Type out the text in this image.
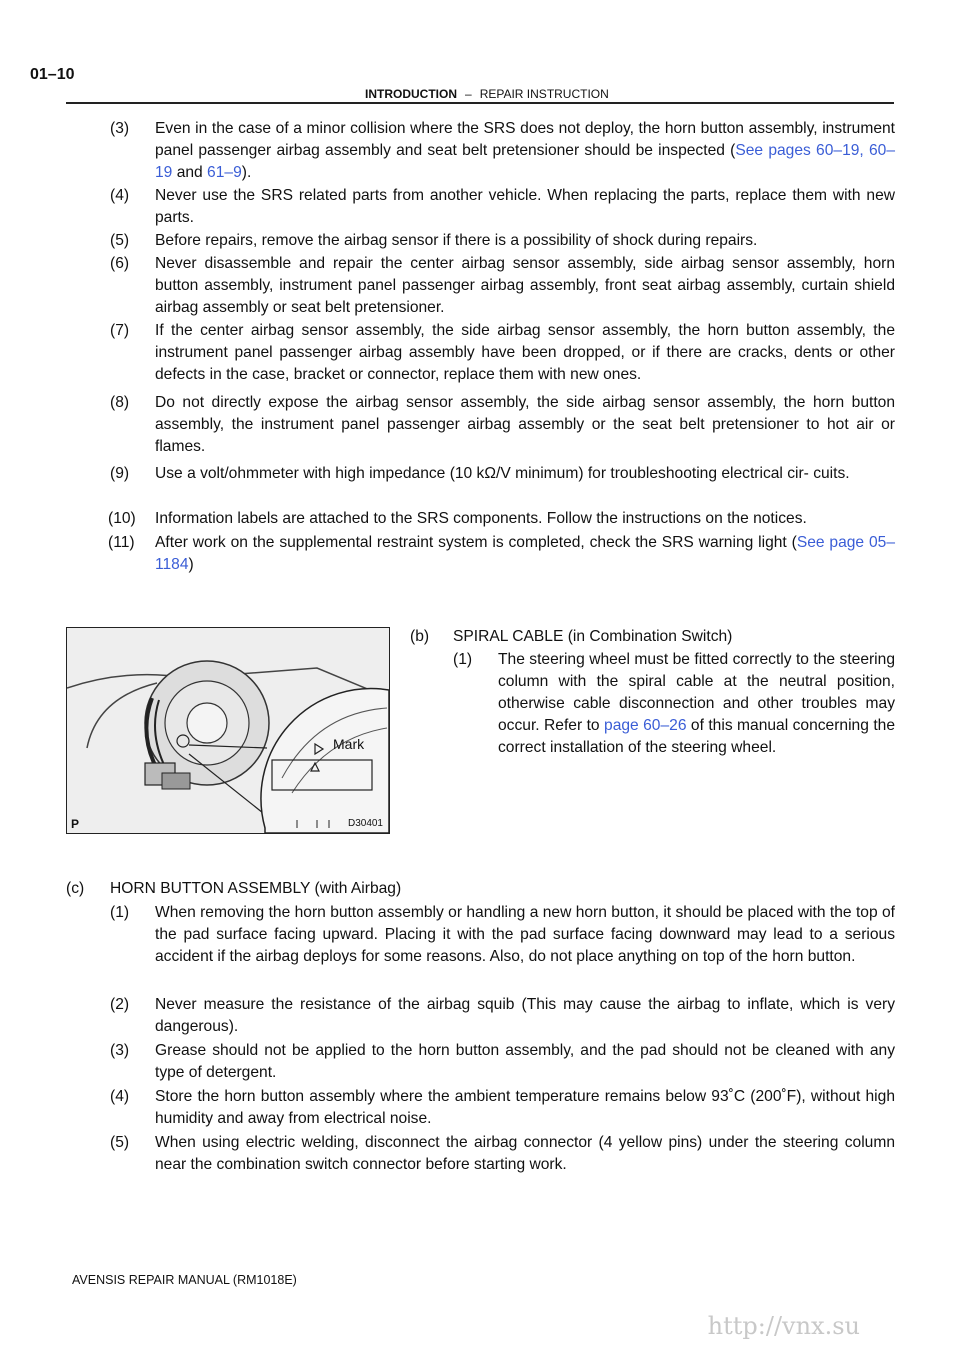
01–10
INTRODUCTION – REPAIR INSTRUCTION
(3) Even in the case of a minor collision where the SRS does not deploy, the horn button assembly, instrument panel passenger airbag assembly and seat belt pretensioner should be inspected (See pages 60–19, 60–19 and 61–9).
(4) Never use the SRS related parts from another vehicle. When replacing the parts, replace them with new parts.
(5) Before repairs, remove the airbag sensor if there is a possibility of shock during repairs.
(6) Never disassemble and repair the center airbag sensor assembly, side airbag sensor assembly, horn button assembly, instrument panel passenger airbag assembly, front seat airbag assembly, curtain shield airbag assembly or seat belt pretensioner.
(7) If the center airbag sensor assembly, the side airbag sensor assembly, the horn button assembly, the instrument panel passenger airbag assembly have been dropped, or if there are cracks, dents or other defects in the case, bracket or connector, replace them with new ones.
(8) Do not directly expose the airbag sensor assembly, the side airbag sensor assembly, the horn button assembly, the instrument panel passenger airbag assembly or the seat belt pretensioner to hot air or flames.
(9) Use a volt/ohmmeter with high impedance (10 kΩ/V minimum) for troubleshooting electrical cir- cuits.
(10) Information labels are attached to the SRS components. Follow the instructions on the notices.
(11) After work on the supplemental restraint system is completed, check the SRS warning light (See page 05–1184)
Mark
P	D30401
(b) SPIRAL CABLE (in Combination Switch)
(1) The steering wheel must be fitted correctly to the steering column with the spiral cable at the neutral position, otherwise cable disconnection and other troubles may occur. Refer to page 60–26 of this manual concerning the correct installation of the steering wheel.
(c) HORN BUTTON ASSEMBLY (with Airbag)
(1) When removing the horn button assembly or handling a new horn button, it should be placed with the top of the pad surface facing upward. Placing it with the pad surface facing downward may lead to a serious accident if the airbag deploys for some reasons. Also, do not place anything on top of the horn button.
(2) Never measure the resistance of the airbag squib (This may cause the airbag to inflate, which is very dangerous).
(3) Grease should not be applied to the horn button assembly, and the pad should not be cleaned with any type of detergent.
(4) Store the horn button assembly where the ambient temperature remains below 93˚C (200˚F), without high humidity and away from electrical noise.
(5) When using electric welding, disconnect the airbag connector (4 yellow pins) under the steering column near the combination switch connector before starting work.
AVENSIS REPAIR MANUAL (RM1018E)
http://vnx.su
